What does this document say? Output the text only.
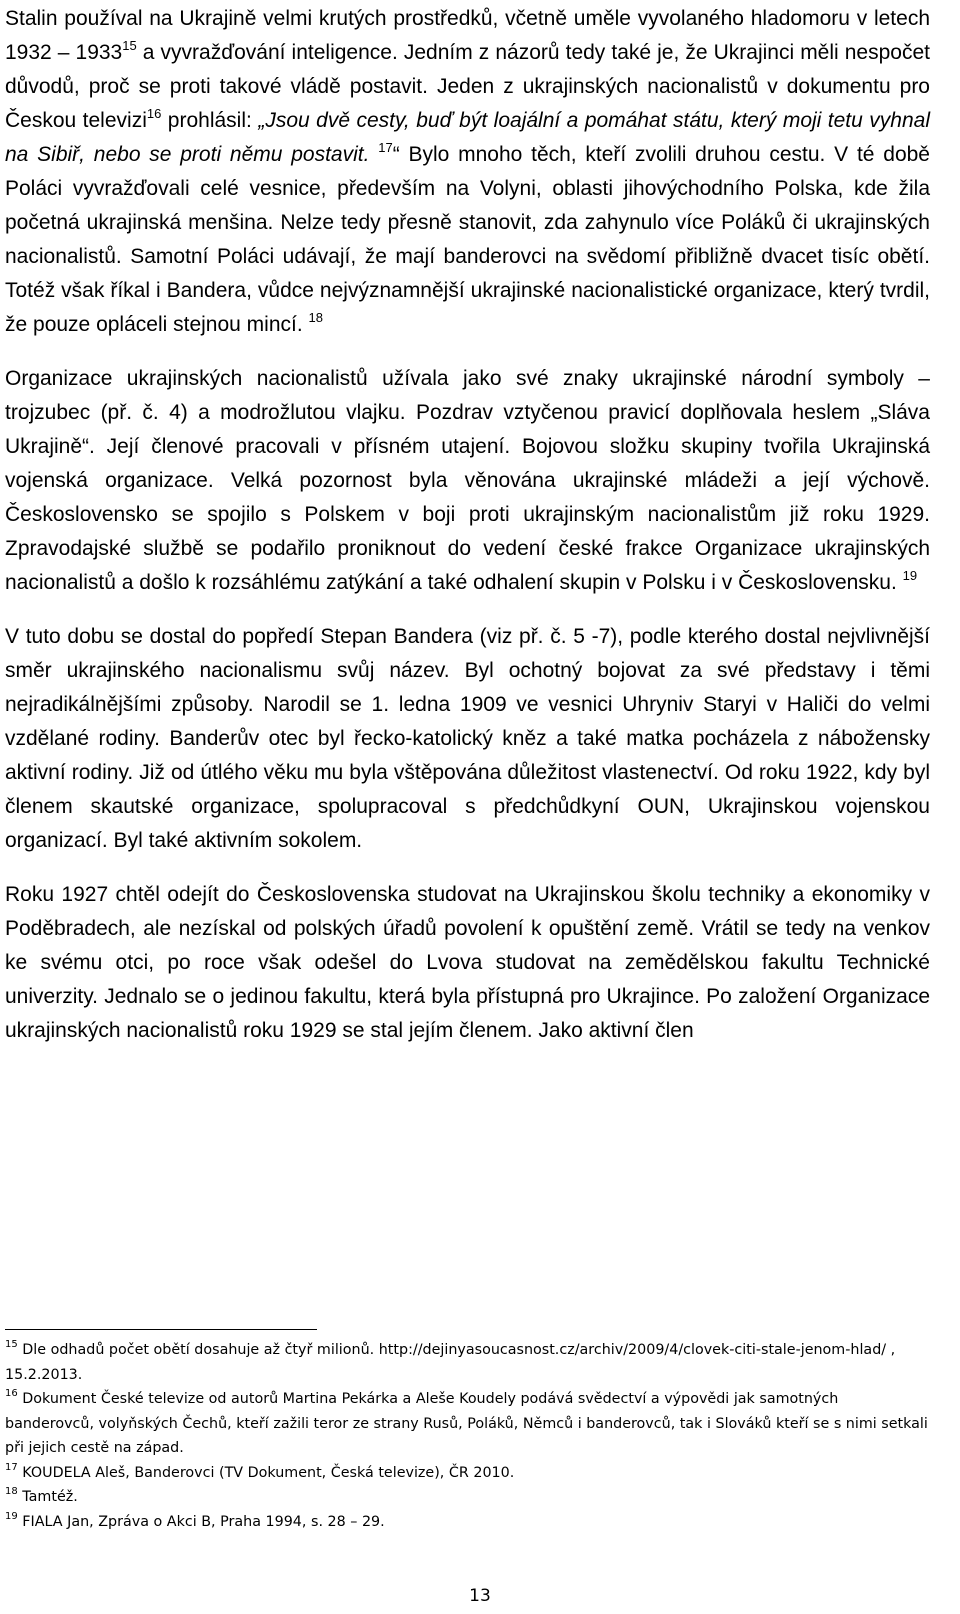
Stalin používal na Ukrajině velmi krutých prostředků, včetně uměle vyvolaného hladomoru v letech 1932 – 1933$^{15}$ a vyvražďování inteligence. Jedním z názorů tedy také je, že Ukrajinci měli nespočet důvodů, proč se proti takové vládě postavit. Jeden z ukrajinských nacionalistů v dokumentu pro Českou televizi$^{16}$ prohlásil: „Jsou dvě cesty, buď být loajální a pomáhat státu, který moji tetu vyhnal na Sibiř, nebo se proti němu postavit. $^{17}$“ Bylo mnoho těch, kteří zvolili druhou cestu. V té době Poláci vyvražďovali celé vesnice, především na Volyni, oblasti jihovýchodního Polska, kde žila početná ukrajinská menšina. Nelze tedy přesně stanovit, zda zahynulo více Poláků či ukrajinských nacionalistů. Samotní Poláci udávají, že mají banderovci na svědomí přibližně dvacet tisíc obětí. Totéž však říkal i Bandera, vůdce nejvýznamnější ukrajinské nacionalistické organizace, který tvrdil, že pouze opláceli stejnou mincí. $^{18}$

Organizace ukrajinských nacionalistů užívala jako své znaky ukrajinské národní symboly – trojzubec (př. č. 4) a modrožlutou vlajku. Pozdrav vztyčenou pravicí doplňovala heslem „Sláva Ukrajině“. Její členové pracovali v přísném utajení. Bojovou složku skupiny tvořila Ukrajinská vojenská organizace. Velká pozornost byla věnována ukrajinské mládeži a její výchově. Československo se spojilo s Polskem v boji proti ukrajinským nacionalistům již roku 1929. Zpravodajské službě se podařilo proniknout do vedení české frakce Organizace ukrajinských nacionalistů a došlo k rozsáhlému zatýkání a také odhalení skupin v Polsku i v Československu. $^{19}$

V tuto dobu se dostal do popředí Stepan Bandera (viz př. č. 5 -7), podle kterého dostal nejvlivnější směr ukrajinského nacionalismu svůj název. Byl ochotný bojovat za své představy i těmi nejradikálnějšími způsoby. Narodil se 1. ledna 1909 ve vesnici Uhryniv Staryi v Haliči do velmi vzdělané rodiny. Banderův otec byl řecko-katolický kněz a také matka pocházela z nábožensky aktivní rodiny. Již od útlého věku mu byla vštěpována důležitost vlastenectví. Od roku 1922, kdy byl členem skautské organizace, spolupracoval s předchůdkyní OUN, Ukrajinskou vojenskou organizací. Byl také aktivním sokolem.

Roku 1927 chtěl odejít do Československa studovat na Ukrajinskou školu techniky a ekonomiky v Poděbradech, ale nezískal od polských úřadů povolení k opuštění země. Vrátil se tedy na venkov ke svému otci, po roce však odešel do Lvova studovat na zemědělskou fakultu Technické univerzity. Jednalo se o jedinou fakultu, která byla přístupná pro Ukrajince. Po založení Organizace ukrajinských nacionalistů roku 1929 se stal jejím členem. Jako aktivní člen

$^{15}$ Dle odhadů počet obětí dosahuje až čtyř milionů. http://dejinyasoucasnost.cz/archiv/2009/4/clovek-citi-stale-jenom-hlad/ , 15.2.2013.

$^{16}$ Dokument České televize od autorů Martina Pekárka a Aleše Koudely podává svědectví a výpovědi jak samotných banderovců, volyňských Čechů, kteří zažili teror ze strany Rusů, Poláků, Němců i banderovců, tak i Slováků kteří se s nimi setkali při jejich cestě na západ.

$^{17}$ KOUDELA Aleš, Banderovci (TV Dokument, Česká televize), ČR 2010.

$^{18}$ Tamtéž.

$^{19}$ FIALA Jan, Zpráva o Akci B, Praha 1994, s. 28 – 29.

13
